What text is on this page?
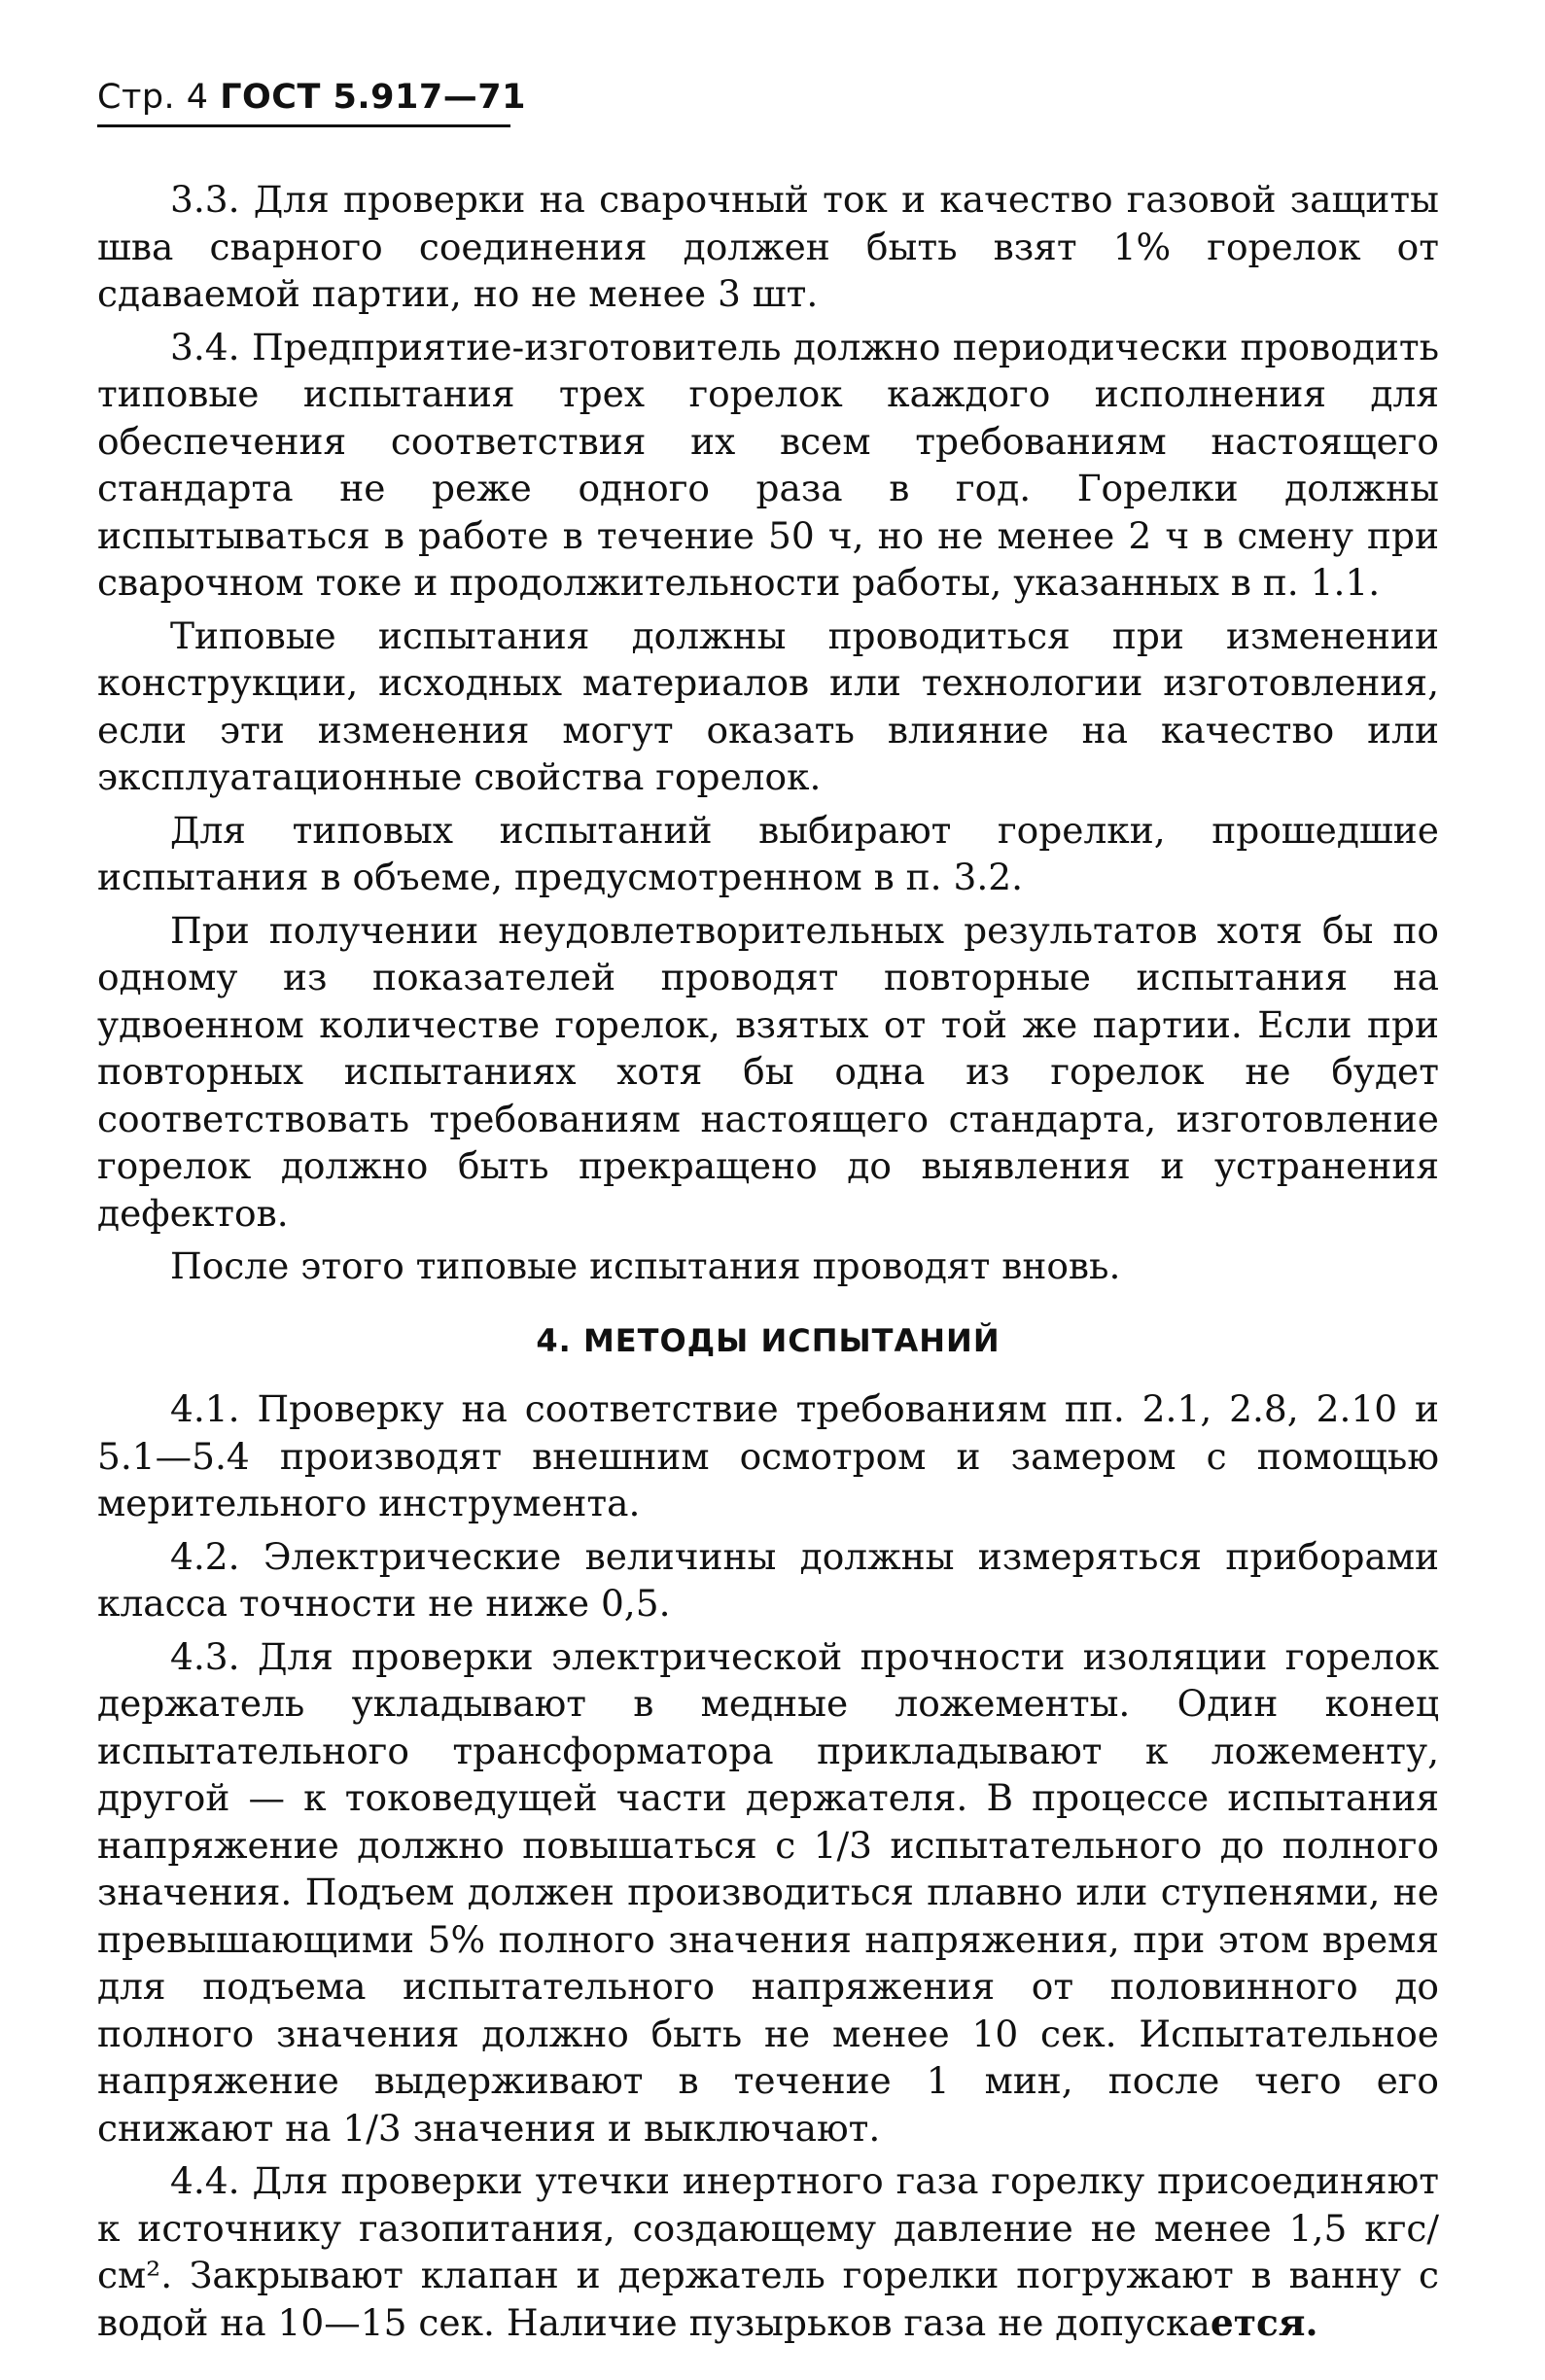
Стр. 4 ГОСТ 5.917—71

3.3. Для проверки на сварочный ток и качество газовой защиты шва сварного соединения должен быть взят 1% горелок от сдаваемой партии, но не менее 3 шт.

3.4. Предприятие-изготовитель должно периодически проводить типовые испытания трех горелок каждого исполнения для обеспечения соответствия их всем требованиям настоящего стандарта не реже одного раза в год. Горелки должны испытываться в работе в течение 50 ч, но не менее 2 ч в смену при сварочном токе и продолжительности работы, указанных в п. 1.1.

Типовые испытания должны проводиться при изменении конструкции, исходных материалов или технологии изготовления, если эти изменения могут оказать влияние на качество или эксплуатационные свойства горелок.

Для типовых испытаний выбирают горелки, прошедшие испытания в объеме, предусмотренном в п. 3.2.

При получении неудовлетворительных результатов хотя бы по одному из показателей проводят повторные испытания на удвоенном количестве горелок, взятых от той же партии. Если при повторных испытаниях хотя бы одна из горелок не будет соответствовать требованиям настоящего стандарта, изготовление горелок должно быть прекращено до выявления и устранения дефектов.

После этого типовые испытания проводят вновь.

4. МЕТОДЫ ИСПЫТАНИЙ

4.1. Проверку на соответствие требованиям пп. 2.1, 2.8, 2.10 и 5.1—5.4 производят внешним осмотром и замером с помощью мерительного инструмента.

4.2. Электрические величины должны измеряться приборами класса точности не ниже 0,5.

4.3. Для проверки электрической прочности изоляции горелок держатель укладывают в медные ложементы. Один конец испытательного трансформатора прикладывают к ложементу, другой — к токоведущей части держателя. В процессе испытания напряжение должно повышаться с 1/3 испытательного до полного значения. Подъем должен производиться плавно или ступенями, не превышающими 5% полного значения напряжения, при этом время для подъема испытательного напряжения от половинного до полного значения должно быть не менее 10 сек. Испытательное напряжение выдерживают в течение 1 мин, после чего его снижают на 1/3 значения и выключают.

4.4. Для проверки утечки инертного газа горелку присоединяют к источнику газопитания, создающему давление не менее 1,5 кгс/см². Закрывают клапан и держатель горелки погружают в ванну с водой на 10—15 сек. Наличие пузырьков газа не допускается.
